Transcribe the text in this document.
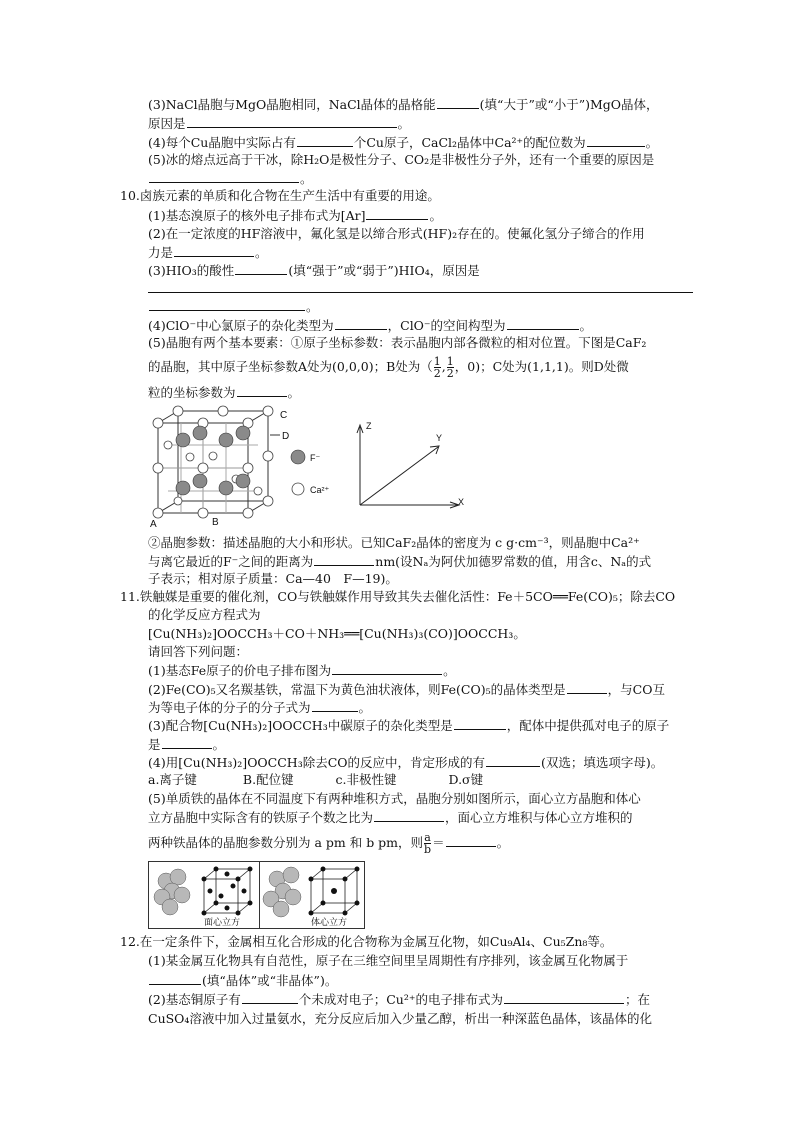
(3)NaCl晶胞与MgO晶胞相同，NaCl晶体的晶格能	(填“大于”或“小于”)MgO晶体，
原因是	。
(4)每个Cu晶胞中实际占有	个Cu原子，CaCl₂晶体中Ca²⁺的配位数为	。
(5)冰的熔点远高于干冰，除H₂O是极性分子、CO₂是非极性分子外，还有一个重要的原因是
。
10.卤族元素的单质和化合物在生产生活中有重要的用途。
(1)基态溴原子的核外电子排布式为[Ar]	。
(2)在一定浓度的HF溶液中，氟化氢是以缔合形式(HF)₂存在的。使氟化氢分子缔合的作用
力是	。
(3)HIO₃的酸性	(填“强于”或“弱于”)HIO₄，原因是
。
(4)ClO⁻中心氯原子的杂化类型为	，ClO⁻的空间构型为	。
(5)晶胞有两个基本要素：①原子坐标参数：表示晶胞内部各微粒的相对位置。下图是CaF₂
的晶胞，其中原子坐标参数A处为(0,0,0)；B处为（ $\frac{1}{2}$ , $\frac{1}{2}$ ，0)；C处为(1,1,1)。则D处微
粒的坐标参数为	。
A	B
C
D
F⁻
Ca²⁺
Z
Y
X
②晶胞参数：描述晶胞的大小和形状。已知CaF₂晶体的密度为 c g·cm⁻³，则晶胞中Ca²⁺
与离它最近的F⁻之间的距离为	nm(设Nₐ为阿伏加德罗常数的值，用含c、Nₐ的式
子表示；相对原子质量：Ca—40　F—19)。
11.铁触媒是重要的催化剂，CO与铁触媒作用导致其失去催化活性：Fe＋5CO══Fe(CO)₅；除去CO
的化学反应方程式为
[Cu(NH₃)₂]OOCCH₃＋CO＋NH₃══[Cu(NH₃)₃(CO)]OOCCH₃。
请回答下列问题：
(1)基态Fe原子的价电子排布图为	。
(2)Fe(CO)₅又名羰基铁，常温下为黄色油状液体，则Fe(CO)₅的晶体类型是	，与CO互
为等电子体的分子的分子式为	。
(3)配合物[Cu(NH₃)₂]OOCCH₃中碳原子的杂化类型是	，配体中提供孤对电子的原子
是	。
(4)用[Cu(NH₃)₂]OOCCH₃除去CO的反应中，肯定形成的有	(双选；填选项字母)。
a.离子键	B.配位键	c.非极性键	D.σ键
(5)单质铁的晶体在不同温度下有两种堆积方式，晶胞分别如图所示，面心立方晶胞和体心
立方晶胞中实际含有的铁原子个数之比为	，面心立方堆积与体心立方堆积的
两种铁晶体的晶胞参数分别为 a pm 和 b pm，则 $\frac{a}{b}$ ＝	。
面心立方	体心立方
12.在一定条件下，金属相互化合形成的化合物称为金属互化物，如Cu₉Al₄、Cu₅Zn₈等。
(1)某金属互化物具有自范性，原子在三维空间里呈周期性有序排列，该金属互化物属于
(填“晶体”或“非晶体”)。
(2)基态铜原子有	个未成对电子；Cu²⁺的电子排布式为	；在
CuSO₄溶液中加入过量氨水，充分反应后加入少量乙醇，析出一种深蓝色晶体，该晶体的化
